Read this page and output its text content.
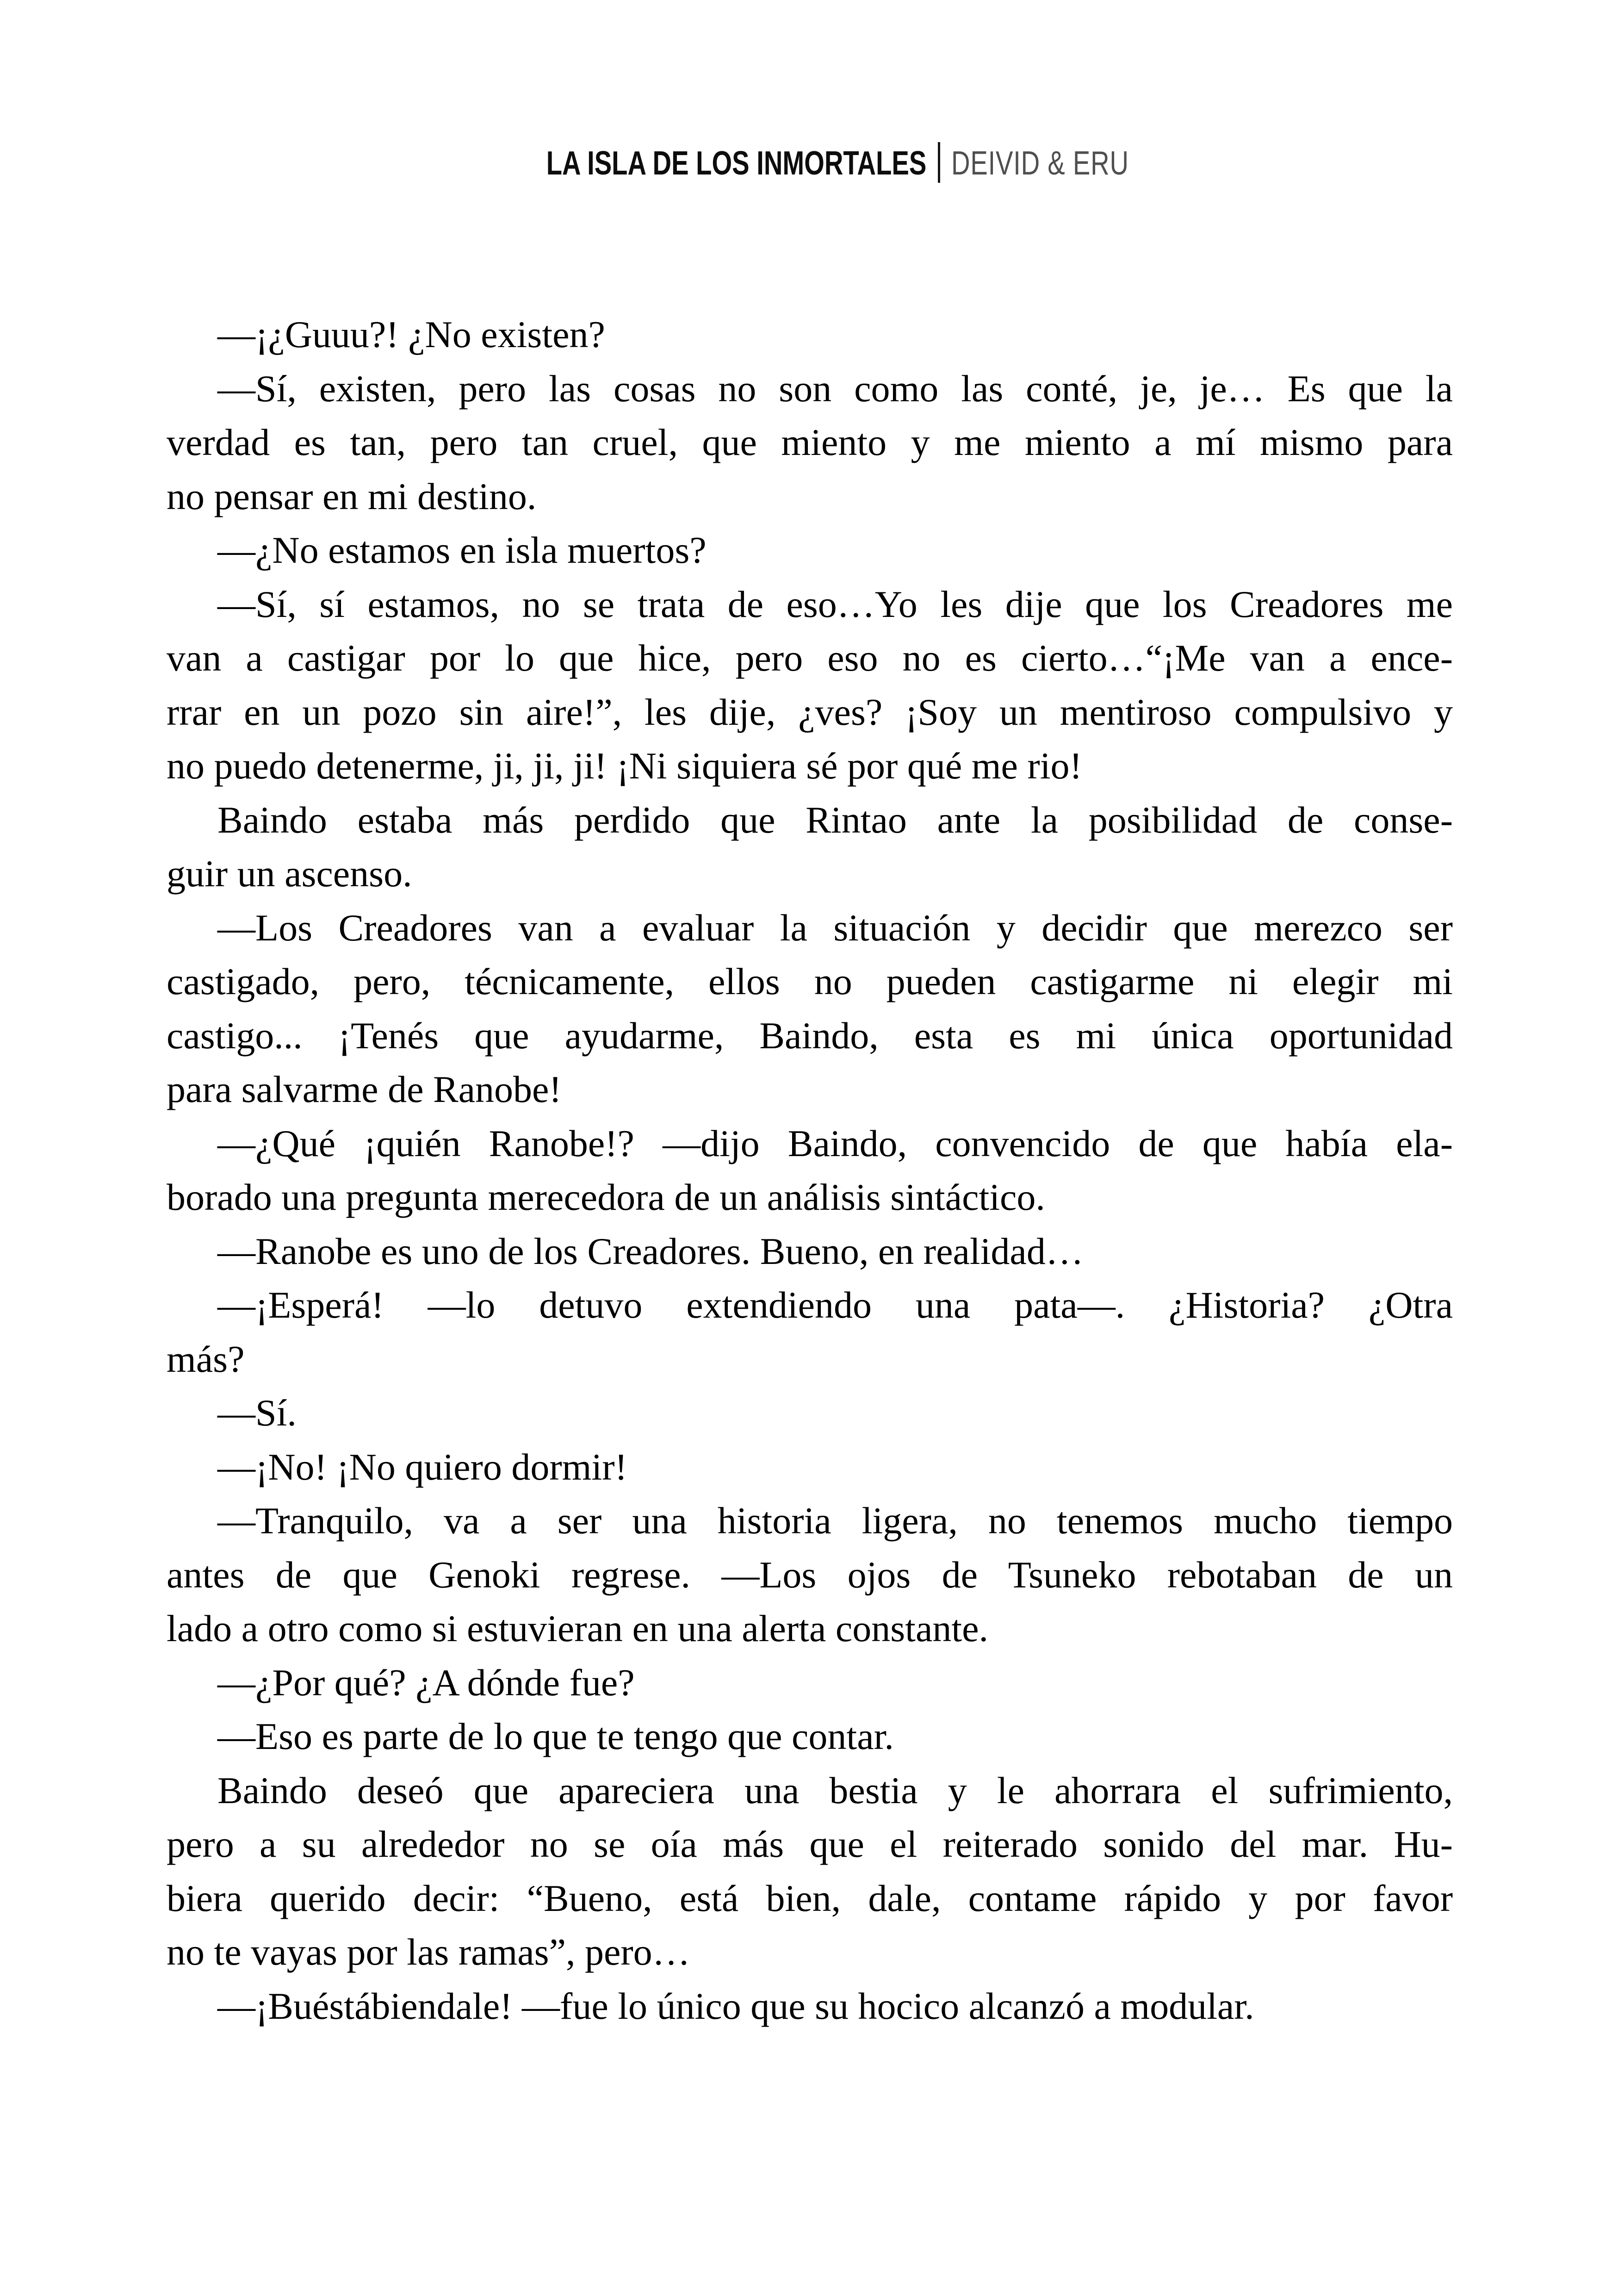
LA ISLA DE LOS INMORTALES DEIVID & ERU
—¡¿Guuu?! ¿No existen?
—Sí, existen, pero las cosas no son como las conté, je, je… Es que la
verdad es tan, pero tan cruel, que miento y me miento a mí mismo para
no pensar en mi destino.
—¿No estamos en isla muertos?
—Sí, sí estamos, no se trata de eso…Yo les dije que los Creadores me
van a castigar por lo que hice, pero eso no es cierto…“¡Me van a ence-
rrar en un pozo sin aire!”, les dije, ¿ves? ¡Soy un mentiroso compulsivo y
no puedo detenerme, ji, ji, ji! ¡Ni siquiera sé por qué me rio!
Baindo estaba más perdido que Rintao ante la posibilidad de conse-
guir un ascenso.
—Los Creadores van a evaluar la situación y decidir que merezco ser
castigado, pero, técnicamente, ellos no pueden castigarme ni elegir mi
castigo... ¡Tenés que ayudarme, Baindo, esta es mi única oportunidad
para salvarme de Ranobe!
—¿Qué ¡quién Ranobe!? —dijo Baindo, convencido de que había ela-
borado una pregunta merecedora de un análisis sintáctico.
—Ranobe es uno de los Creadores. Bueno, en realidad…
—¡Esperá! —lo detuvo extendiendo una pata—. ¿Historia? ¿Otra
más?
—Sí.
—¡No! ¡No quiero dormir!
—Tranquilo, va a ser una historia ligera, no tenemos mucho tiempo
antes de que Genoki regrese. —Los ojos de Tsuneko rebotaban de un
lado a otro como si estuvieran en una alerta constante.
—¿Por qué? ¿A dónde fue?
—Eso es parte de lo que te tengo que contar.
Baindo deseó que apareciera una bestia y le ahorrara el sufrimiento,
pero a su alrededor no se oía más que el reiterado sonido del mar. Hu-
biera querido decir: “Bueno, está bien, dale, contame rápido y por favor
no te vayas por las ramas”, pero…
—¡Buéstábiendale! —fue lo único que su hocico alcanzó a modular.
